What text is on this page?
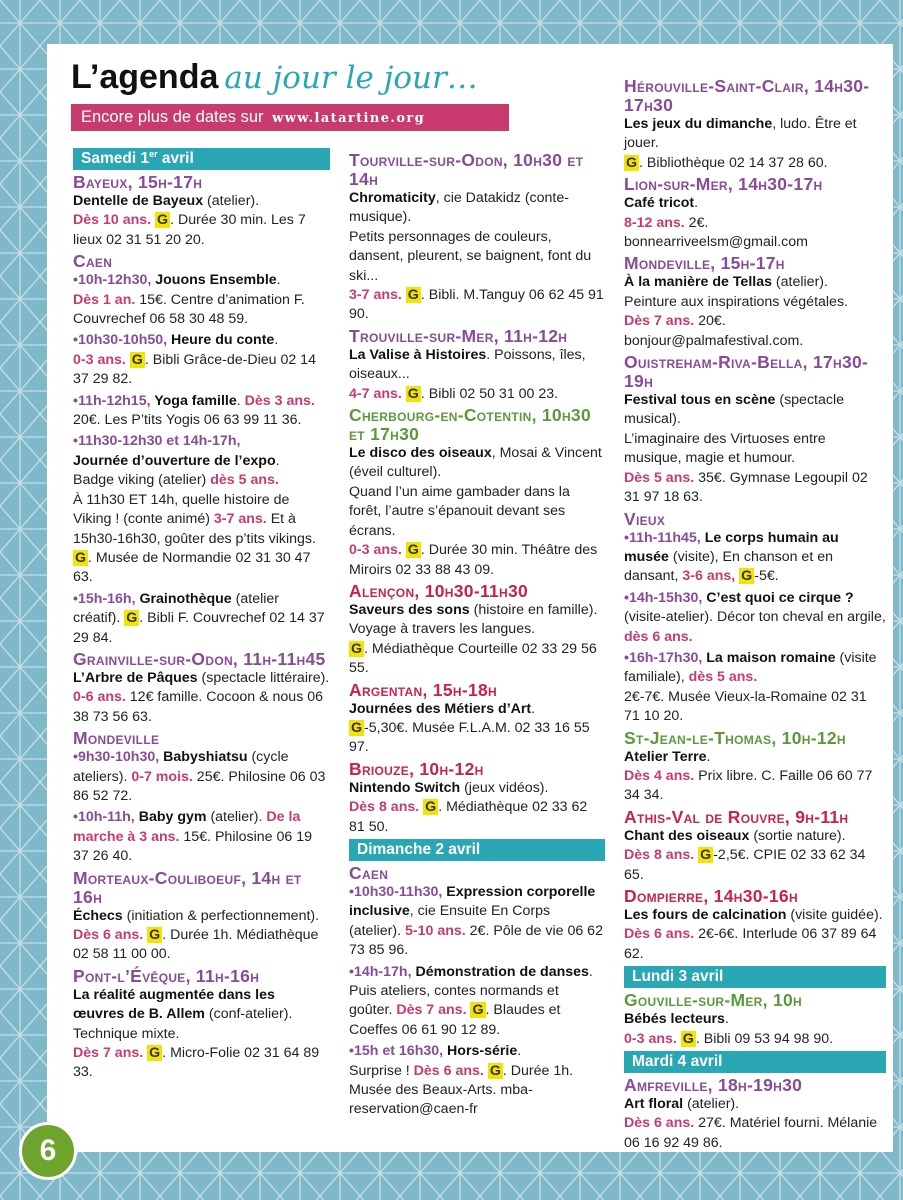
L’agenda au jour le jour…
Encore plus de dates sur www.latartine.org
Samedi 1er avril
Bayeux, 15h-17h
Dentelle de Bayeux (atelier).
Dès 10 ans. G . Durée 30 min. Les 7 lieux 02 31 51 20 20.
Caen
•10h-12h30, Jouons Ensemble.
Dès 1 an. 15€. Centre d’animation F. Couvrechef 06 58 30 48 59.
•10h30-10h50, Heure du conte.
0-3 ans. G . Bibli Grâce-de-Dieu 02 14 37 29 82.
•11h-12h15, Yoga famille. Dès 3 ans. 20€. Les P’tits Yogis 06 63 99 11 36.
•11h30-12h30 et 14h-17h,
Journée d’ouverture de l’expo.
Badge viking (atelier) dès 5 ans.
À 11h30 ET 14h, quelle histoire de Viking ! (conte animé) 3-7 ans. Et à 15h30-16h30, goûter des p’tits vikings. G . Musée de Normandie 02 31 30 47 63.
•15h-16h, Grainothèque (atelier créatif). G . Bibli F. Couvrechef 02 14 37 29 84.
Grainville-sur-Odon, 11h-11h45
L’Arbre de Pâques (spectacle littéraire).
0-6 ans. 12€ famille. Cocoon & nous 06 38 73 56 63.
Mondeville
•9h30-10h30, Babyshiatsu (cycle ateliers). 0-7 mois. 25€. Philosine 06 03 86 52 72.
•10h-11h, Baby gym (atelier). De la marche à 3 ans. 15€. Philosine 06 19 37 26 40.
Morteaux-Couliboeuf, 14h et 16h
Échecs (initiation & perfectionnement).
Dès 6 ans. G . Durée 1h. Médiathèque 02 58 11 00 00.
Pont-l’Évêque, 11h-16h
La réalité augmentée dans les œuvres de B. Allem (conf-atelier). Technique mixte.
Dès 7 ans. G . Micro-Folie 02 31 64 89 33.
Tourville-sur-Odon, 10h30 et 14h
Chromaticity, cie Datakidz (conte-musique).
Petits personnages de couleurs, dansent, pleurent, se baignent, font du ski...
3-7 ans. G . Bibli. M.Tanguy 06 62 45 91 90.
Trouville-sur-Mer, 11h-12h
La Valise à Histoires. Poissons, îles, oiseaux...
4-7 ans. G . Bibli 02 50 31 00 23.
Cherbourg-en-Cotentin, 10h30 et 17h30
Le disco des oiseaux, Mosai & Vincent (éveil culturel).
Quand l’un aime gambader dans la forêt, l’autre s’épanouit devant ses écrans.
0-3 ans. G . Durée 30 min. Théâtre des Miroirs 02 33 88 43 09.
Alençon, 10h30-11h30
Saveurs des sons (histoire en famille).
Voyage à travers les langues.
G . Médiathèque Courteille 02 33 29 56 55.
Argentan, 15h-18h
Journées des Métiers d’Art.
G -5,30€. Musée F.L.A.M. 02 33 16 55 97.
Briouze, 10h-12h
Nintendo Switch (jeux vidéos).
Dès 8 ans. G . Médiathèque 02 33 62 81 50.
Dimanche 2 avril
Caen
•10h30-11h30, Expression corporelle inclusive, cie Ensuite En Corps (atelier). 5-10 ans. 2€. Pôle de vie 06 62 73 85 96.
•14h-17h, Démonstration de danses. Puis ateliers, contes normands et goûter. Dès 7 ans. G . Blaudes et Coeffes 06 61 90 12 89.
•15h et 16h30, Hors-série.
Surprise ! Dès 6 ans. G . Durée 1h. Musée des Beaux-Arts. mba-reservation@caen-fr
Hérouville-Saint-Clair, 14h30-17h30
Les jeux du dimanche, ludo. Être et jouer.
G . Bibliothèque 02 14 37 28 60.
Lion-sur-Mer, 14h30-17h
Café tricot.
8-12 ans. 2€. bonnearriveelsm@gmail.com
Mondeville, 15h-17h
À la manière de Tellas (atelier).
Peinture aux inspirations végétales.
Dès 7 ans. 20€. bonjour@palmafestival.com.
Ouistreham-Riva-Bella, 17h30-19h
Festival tous en scène (spectacle musical).
L’imaginaire des Virtuoses entre musique, magie et humour.
Dès 5 ans. 35€. Gymnase Legoupil 02 31 97 18 63.
Vieux
•11h-11h45, Le corps humain au musée (visite), En chanson et en dansant, 3-6 ans, G -5€.
•14h-15h30, C’est quoi ce cirque ? (visite-atelier). Décor ton cheval en argile, dès 6 ans.
•16h-17h30, La maison romaine (visite familiale), dès 5 ans.
2€-7€. Musée Vieux-la-Romaine 02 31 71 10 20.
St-Jean-le-Thomas, 10h-12h
Atelier Terre.
Dès 4 ans. Prix libre. C. Faille 06 60 77 34 34.
Athis-Val de Rouvre, 9h-11h
Chant des oiseaux (sortie nature).
Dès 8 ans. G -2,5€. CPIE 02 33 62 34 65.
Dompierre, 14h30-16h
Les fours de calcination (visite guidée).
Dès 6 ans. 2€-6€. Interlude 06 37 89 64 62.
Lundi 3 avril
Gouville-sur-Mer, 10h
Bébés lecteurs.
0-3 ans. G . Bibli 09 53 94 98 90.
Mardi 4 avril
Amfreville, 18h-19h30
Art floral (atelier).
Dès 6 ans. 27€. Matériel fourni. Mélanie 06 16 92 49 86.
6
